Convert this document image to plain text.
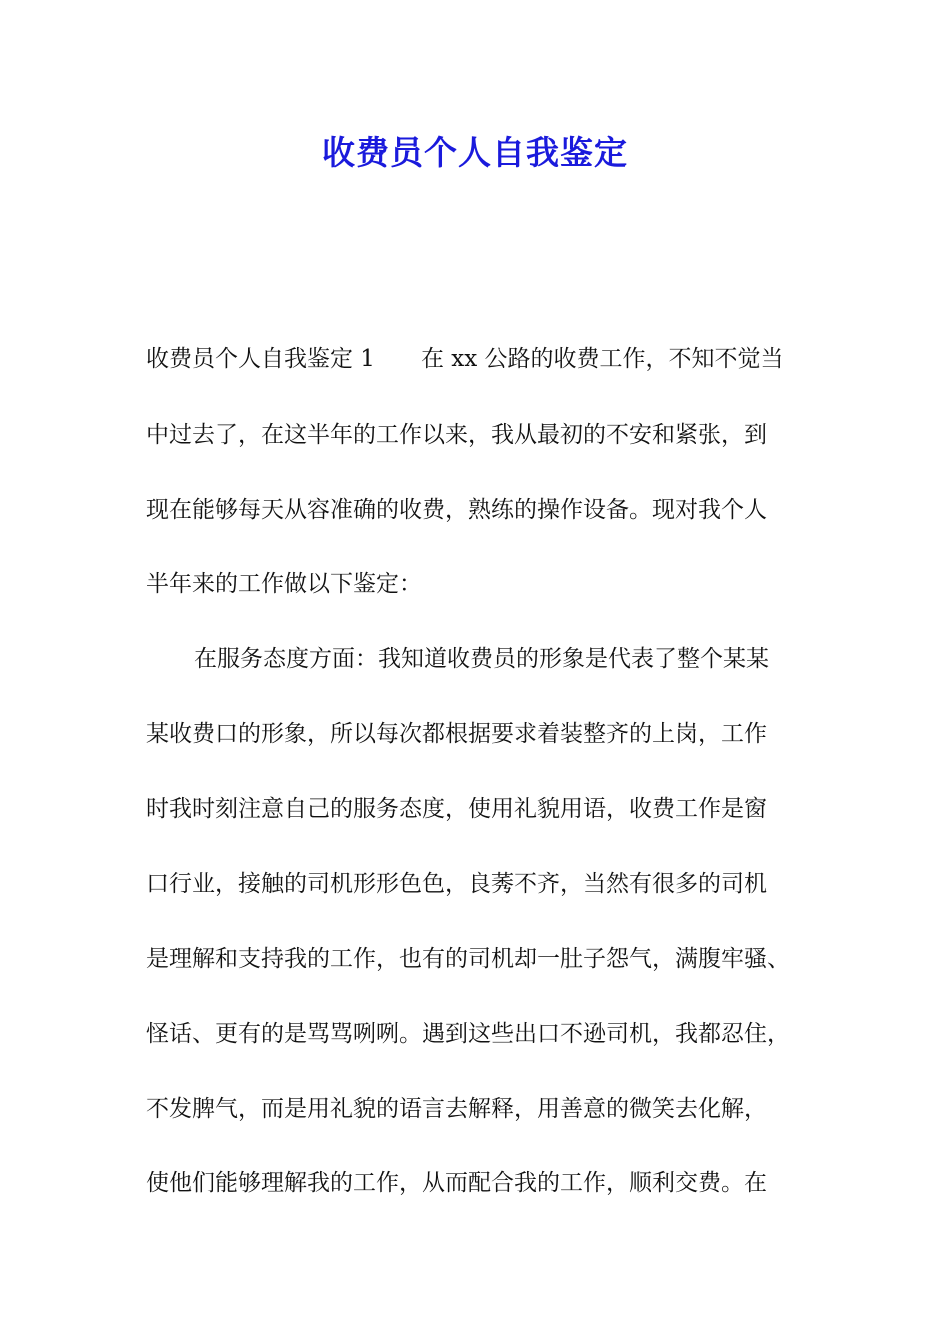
收费员个人自我鉴定

收费员个人自我鉴定 1　　在 xx 公路的收费工作，不知不觉当

中过去了，在这半年的工作以来，我从最初的不安和紧张，到

现在能够每天从容准确的收费，熟练的操作设备。现对我个人

半年来的工作做以下鉴定：

在服务态度方面：我知道收费员的形象是代表了整个某某

某收费口的形象，所以每次都根据要求着装整齐的上岗，工作

时我时刻注意自己的服务态度，使用礼貌用语，收费工作是窗

口行业，接触的司机形形色色，良莠不齐，当然有很多的司机

是理解和支持我的工作，也有的司机却一肚子怨气，满腹牢骚、

怪话、更有的是骂骂咧咧。遇到这些出口不逊司机，我都忍住，

不发脾气，而是用礼貌的语言去解释，用善意的微笑去化解，

使他们能够理解我的工作，从而配合我的工作，顺利交费。在
